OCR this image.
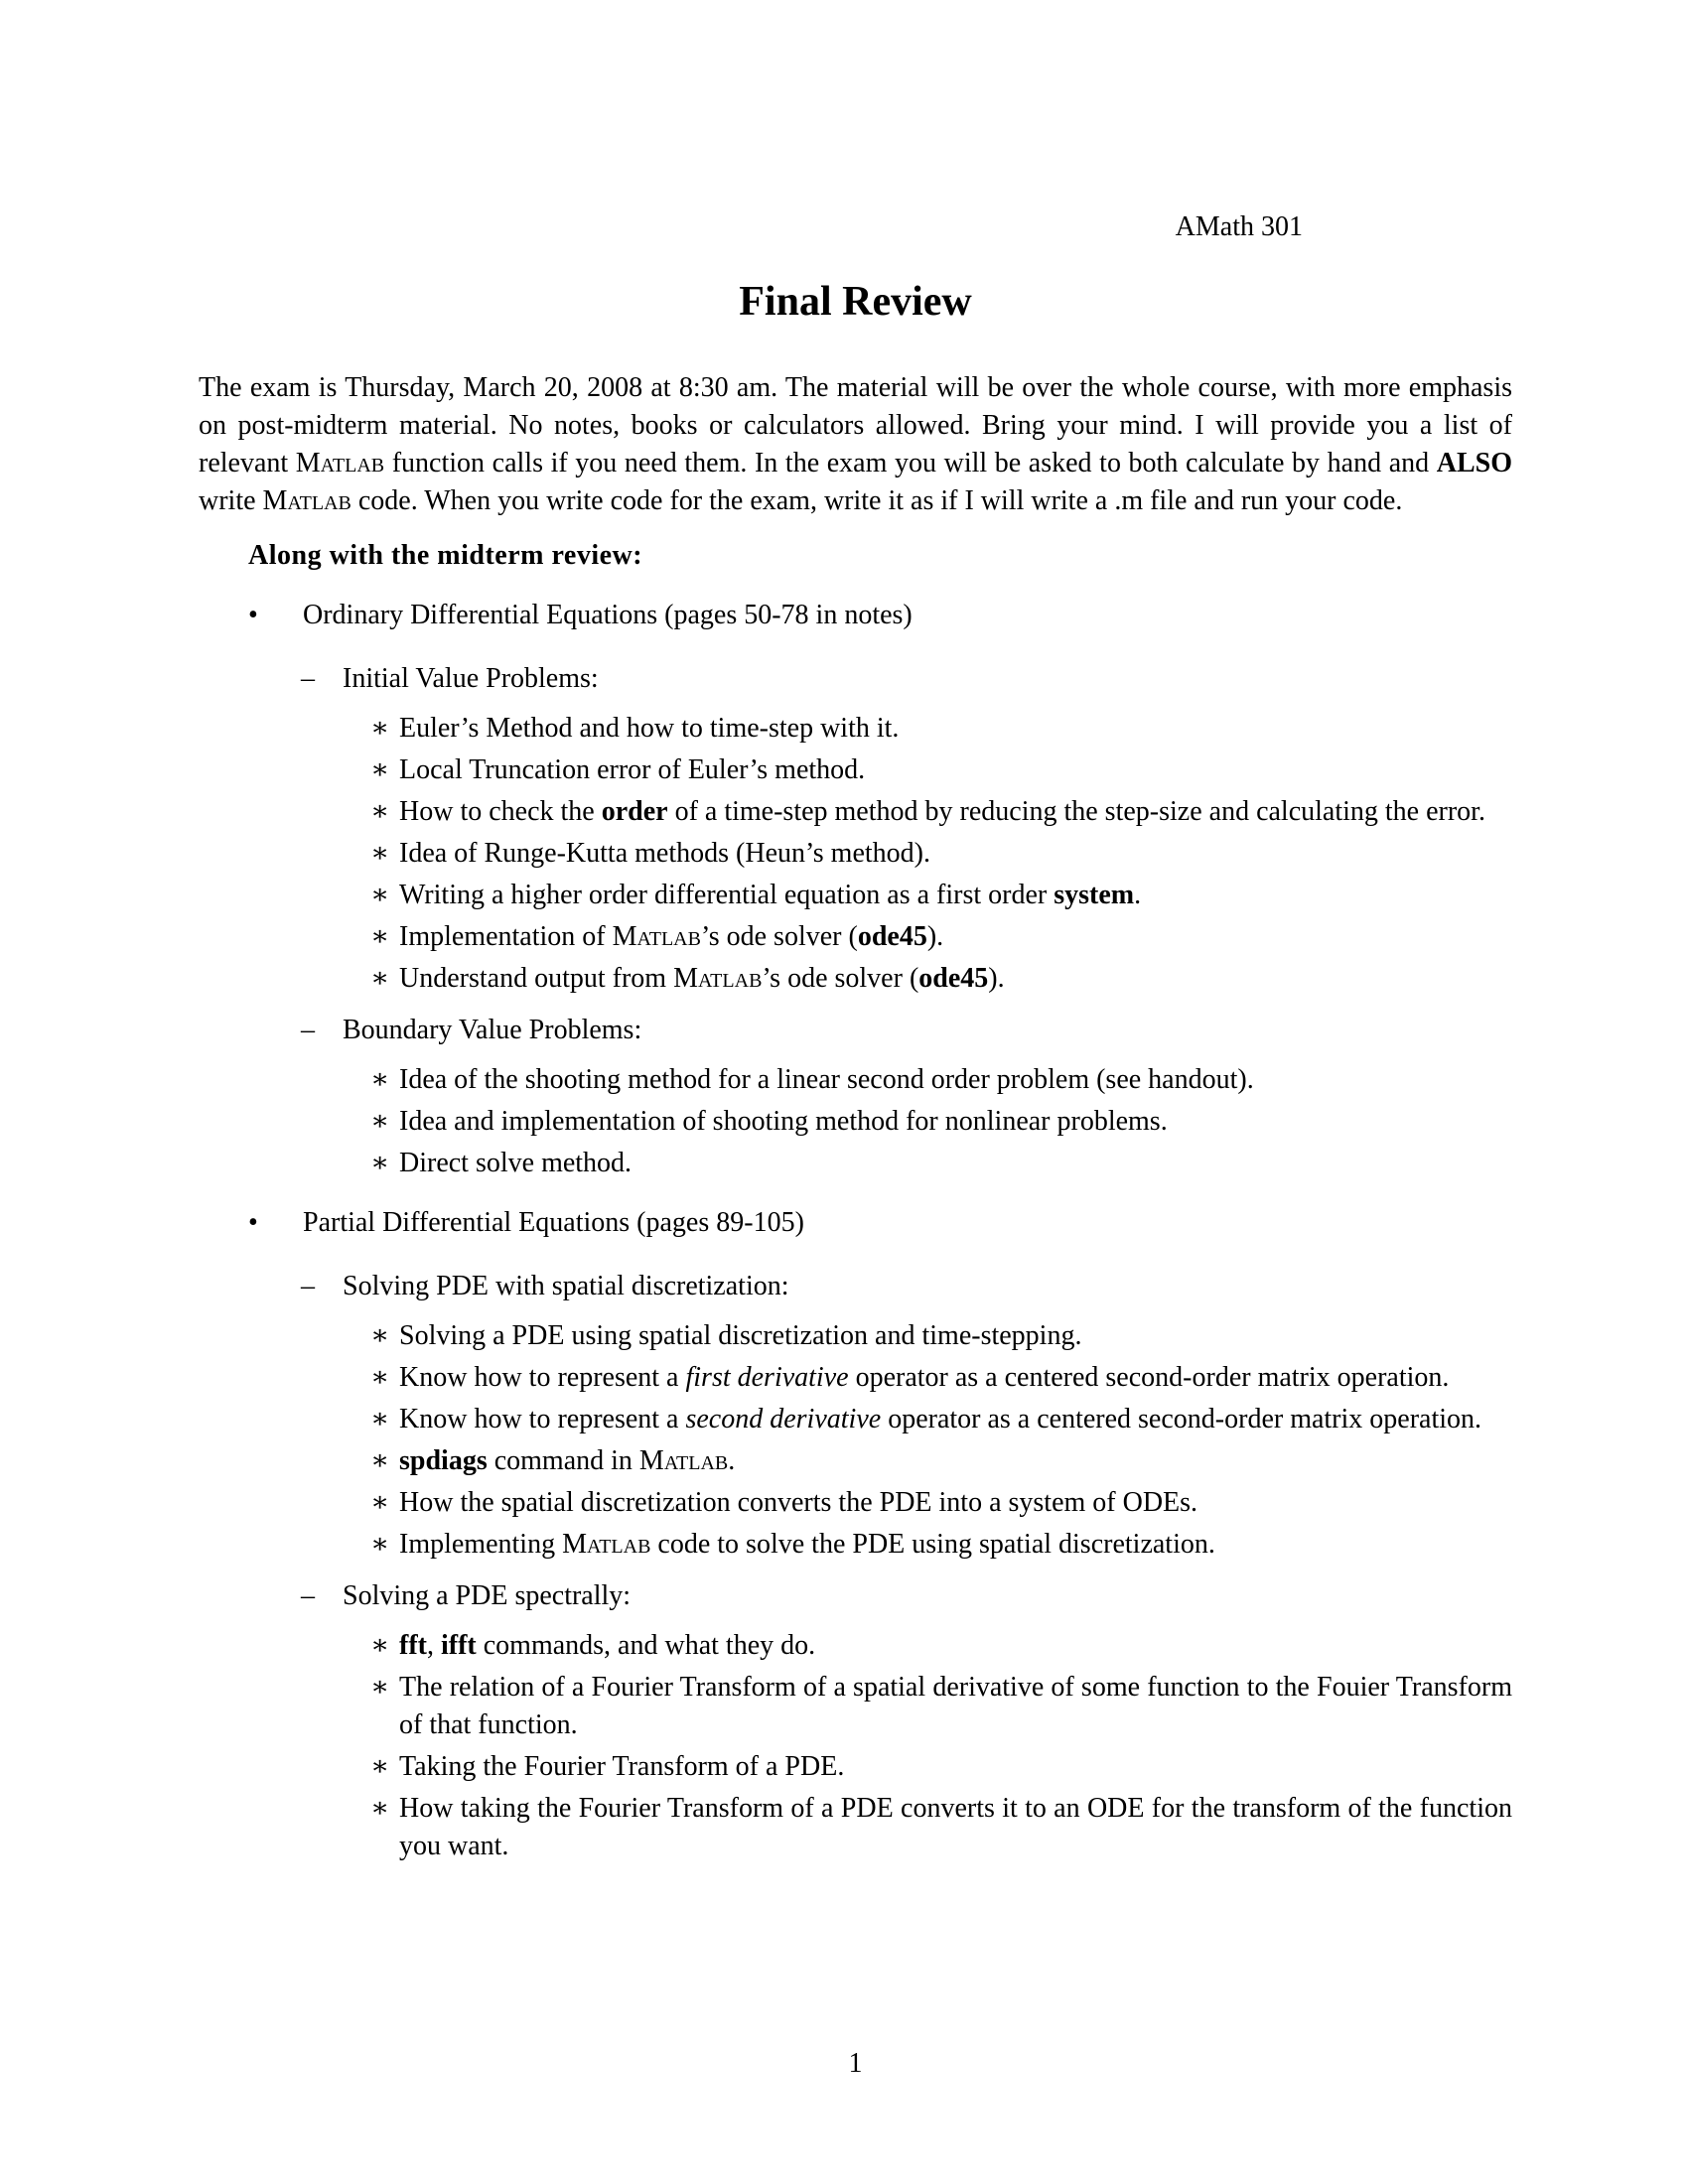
AMath 301
Final Review

The exam is Thursday, March 20, 2008 at 8:30 am. The material will be over the whole course, with more emphasis on post-midterm material. No notes, books or calculators allowed. Bring your mind. I will provide you a list of relevant Matlab function calls if you need them. In the exam you will be asked to both calculate by hand and ALSO write Matlab code. When you write code for the exam, write it as if I will write a .m file and run your code.

Along with the midterm review:
• Ordinary Differential Equations (pages 50-78 in notes)
– Initial Value Problems:
∗ Euler’s Method and how to time-step with it.
∗ Local Truncation error of Euler’s method.
∗ How to check the order of a time-step method by reducing the step-size and calculating the error.
∗ Idea of Runge-Kutta methods (Heun’s method).
∗ Writing a higher order differential equation as a first order system.
∗ Implementation of Matlab’s ode solver (ode45).
∗ Understand output from Matlab’s ode solver (ode45).
– Boundary Value Problems:
∗ Idea of the shooting method for a linear second order problem (see handout).
∗ Idea and implementation of shooting method for nonlinear problems.
∗ Direct solve method.
• Partial Differential Equations (pages 89-105)
– Solving PDE with spatial discretization:
∗ Solving a PDE using spatial discretization and time-stepping.
∗ Know how to represent a first derivative operator as a centered second-order matrix operation.
∗ Know how to represent a second derivative operator as a centered second-order matrix operation.
∗ spdiags command in Matlab.
∗ How the spatial discretization converts the PDE into a system of ODEs.
∗ Implementing Matlab code to solve the PDE using spatial discretization.
– Solving a PDE spectrally:
∗ fft, ifft commands, and what they do.
∗ The relation of a Fourier Transform of a spatial derivative of some function to the Fouier Transform of that function.
∗ Taking the Fourier Transform of a PDE.
∗ How taking the Fourier Transform of a PDE converts it to an ODE for the transform of the function you want.
1
